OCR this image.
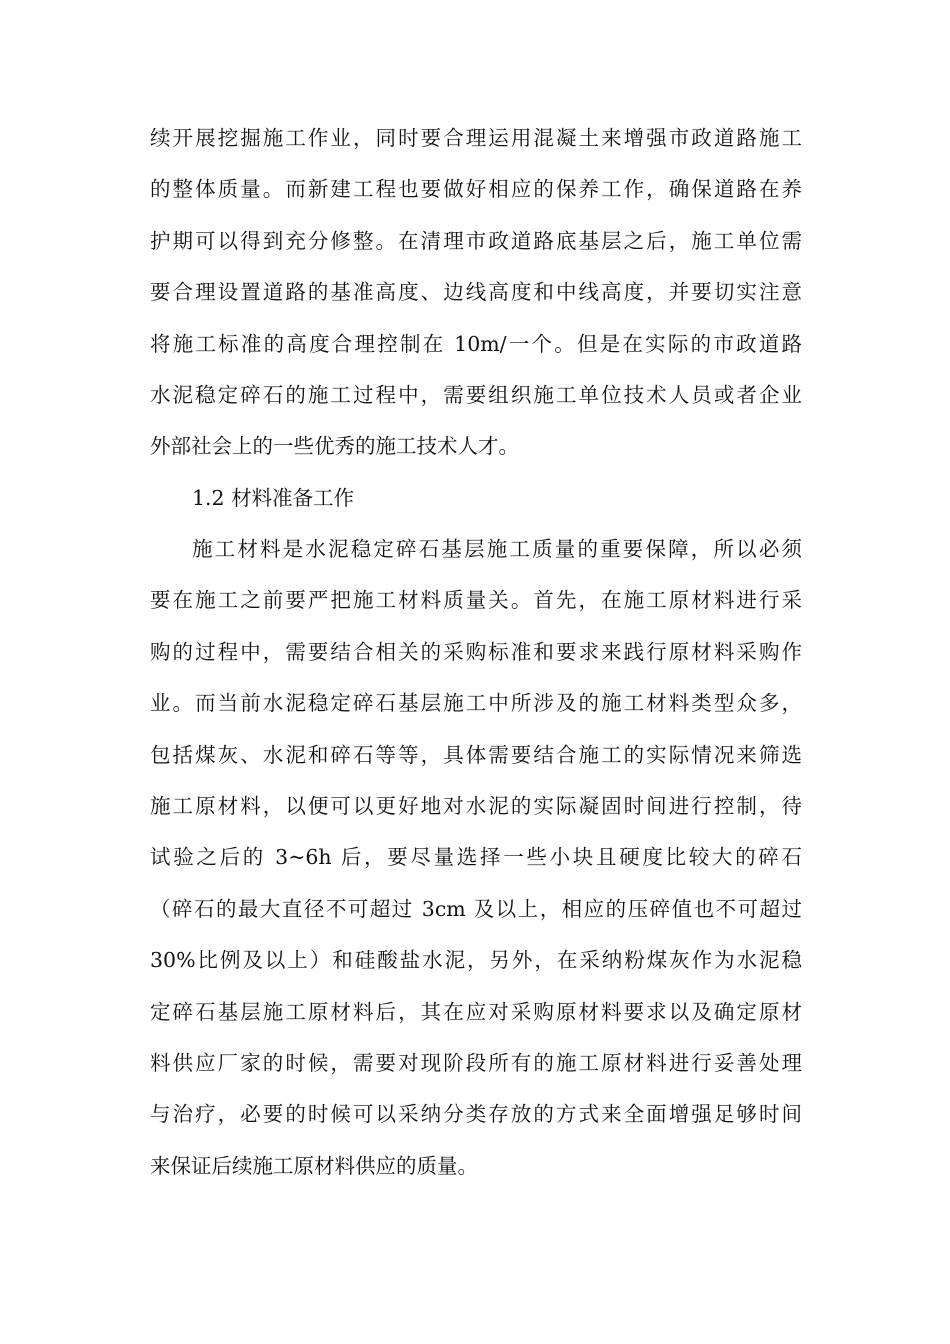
续开展挖掘施工作业，同时要合理运用混凝土来增强市政道路施工
的整体质量。而新建工程也要做好相应的保养工作，确保道路在养
护期可以得到充分修整。在清理市政道路底基层之后，施工单位需
要合理设置道路的基准高度、边线高度和中线高度，并要切实注意
将施工标准的高度合理控制在 10m/一个。但是在实际的市政道路
水泥稳定碎石的施工过程中，需要组织施工单位技术人员或者企业
外部社会上的一些优秀的施工技术人才。
1.2 材料准备工作
施工材料是水泥稳定碎石基层施工质量的重要保障，所以必须
要在施工之前要严把施工材料质量关。首先，在施工原材料进行采
购的过程中，需要结合相关的采购标准和要求来践行原材料采购作
业。而当前水泥稳定碎石基层施工中所涉及的施工材料类型众多，
包括煤灰、水泥和碎石等等，具体需要结合施工的实际情况来筛选
施工原材料，以便可以更好地对水泥的实际凝固时间进行控制，待
试验之后的 3~6h 后，要尽量选择一些小块且硬度比较大的碎石
（碎石的最大直径不可超过 3cm 及以上，相应的压碎值也不可超过
30%比例及以上）和硅酸盐水泥，另外，在采纳粉煤灰作为水泥稳
定碎石基层施工原材料后，其在应对采购原材料要求以及确定原材
料供应厂家的时候，需要对现阶段所有的施工原材料进行妥善处理
与治疗，必要的时候可以采纳分类存放的方式来全面增强足够时间
来保证后续施工原材料供应的质量。
